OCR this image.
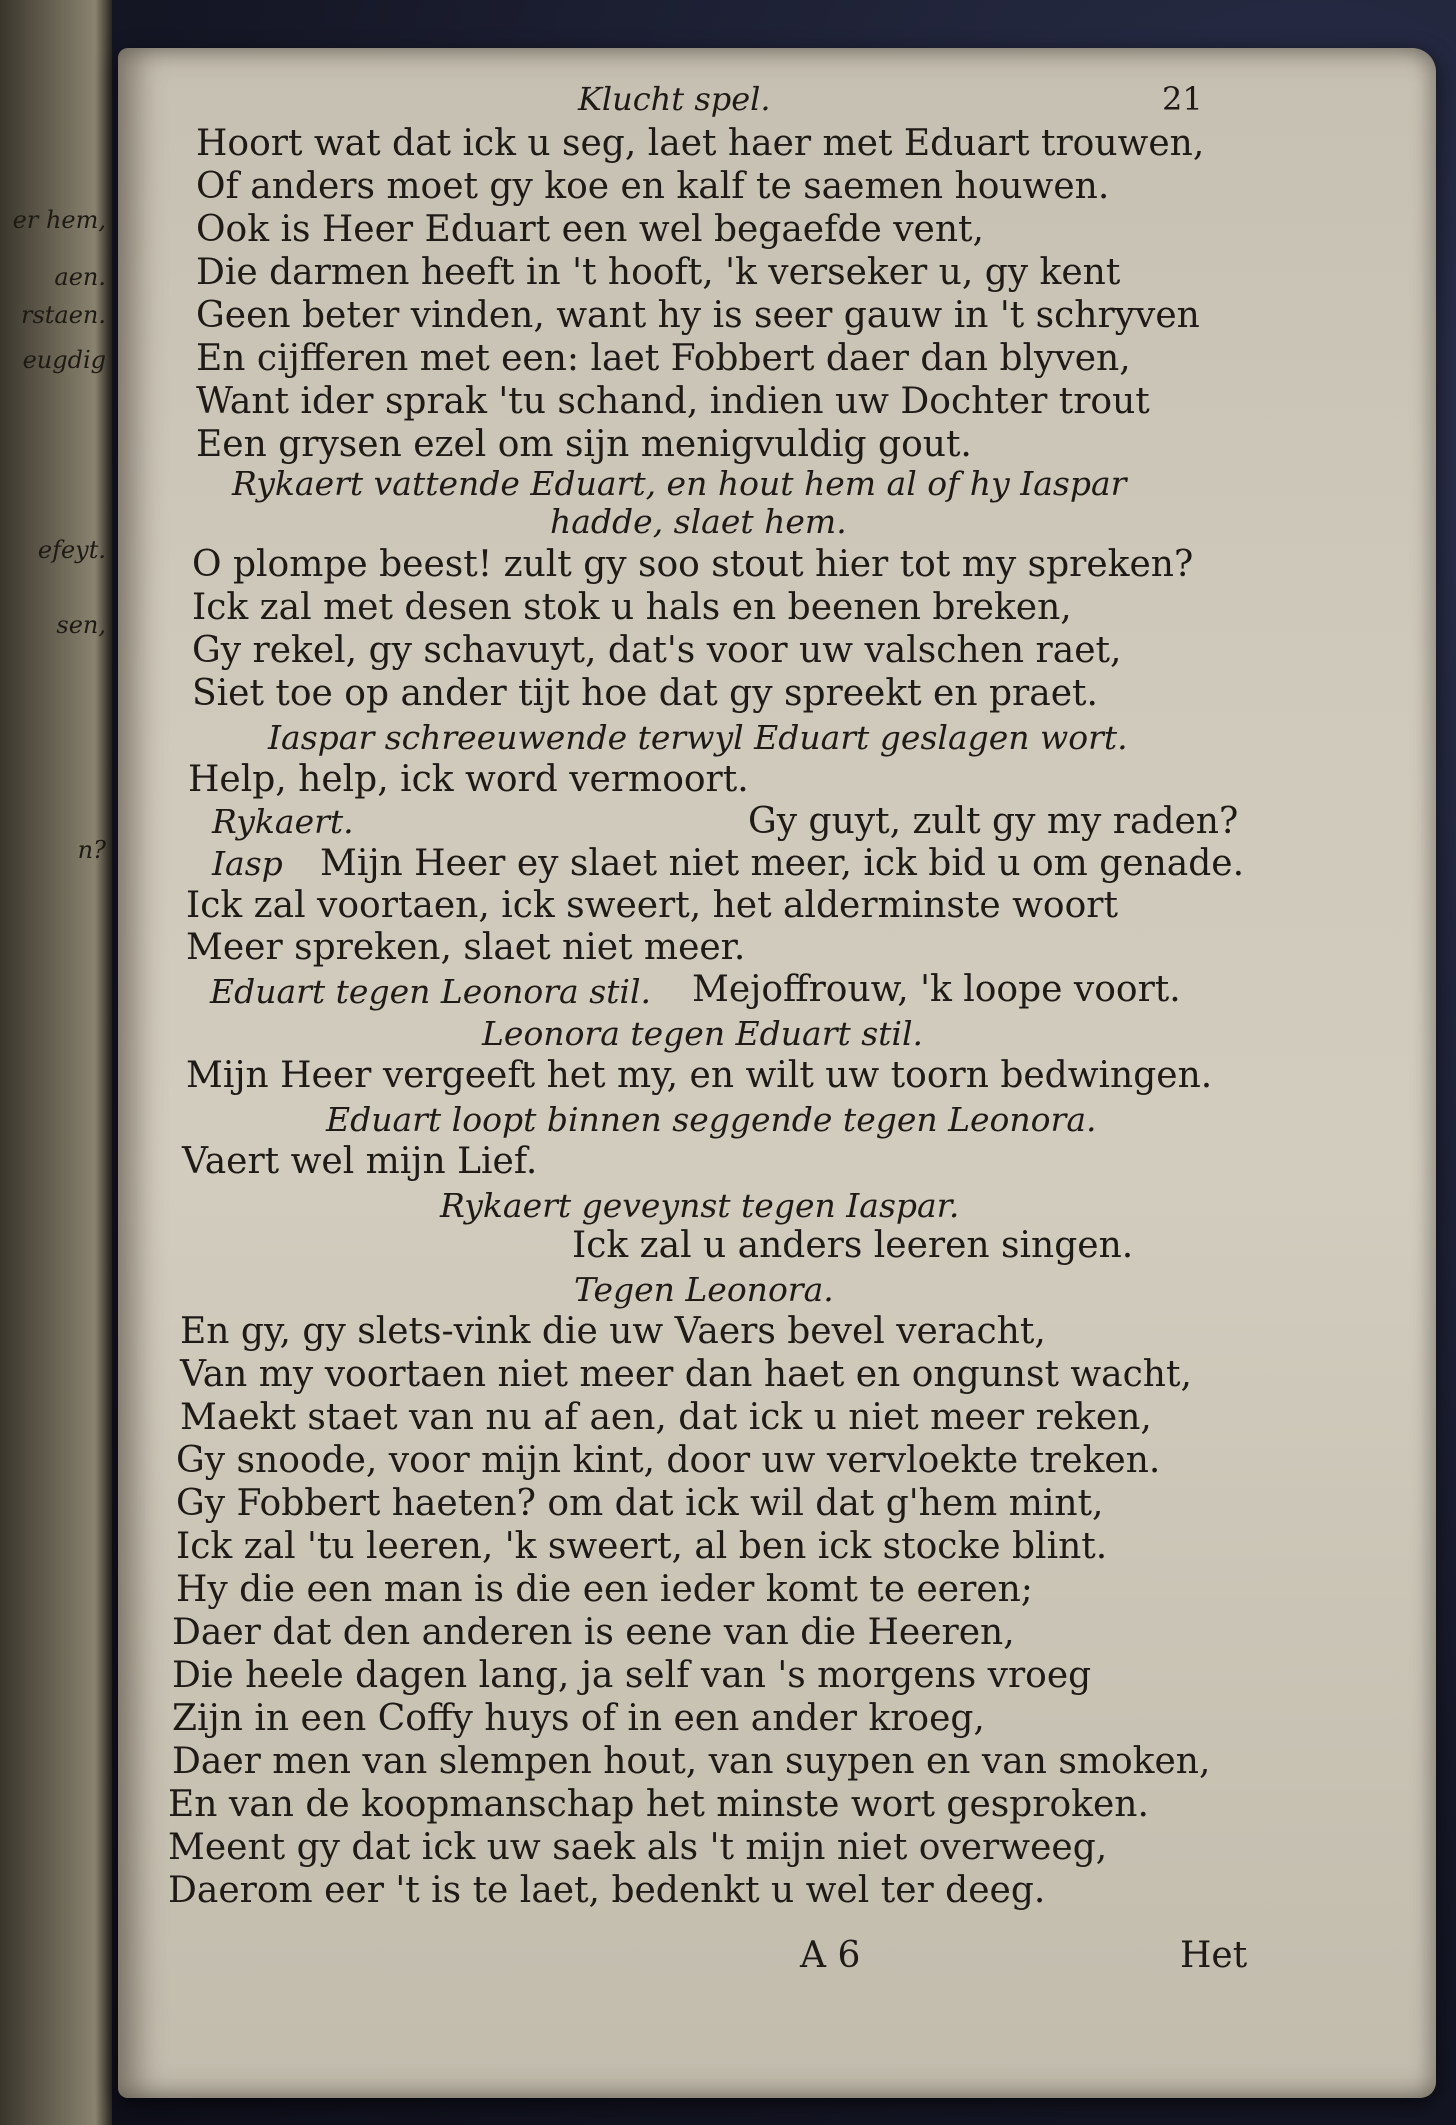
er hem,
aen.
rstaen.
eugdig
efeyt.
sen,
n?
Klucht spel.	21
Hoort wat dat ick u seg, laet haer met Eduart trouwen,
Of anders moet gy koe en kalf te saemen houwen.
Ook is Heer Eduart een wel begaefde vent,
Die darmen heeft in 't hooft, 'k verseker u, gy kent
Geen beter vinden, want hy is seer gauw in 't schryven
En cijfferen met een: laet Fobbert daer dan blyven,
Want ider sprak 'tu schand, indien uw Dochter trout
Een grysen ezel om sijn menigvuldig gout.
Rykaert vattende Eduart, en hout hem al of hy Iaspar
hadde, slaet hem.
O plompe beest! zult gy soo stout hier tot my spreken?
Ick zal met desen stok u hals en beenen breken,
Gy rekel, gy schavuyt, dat's voor uw valschen raet,
Siet toe op ander tijt hoe dat gy spreekt en praet.
Iaspar schreeuwende terwyl Eduart geslagen wort.
Help, help, ick word vermoort.
Rykaert.	Gy guyt, zult gy my raden?
Iasp Mijn Heer ey slaet niet meer, ick bid u om genade.
Ick zal voortaen, ick sweert, het alderminste woort
Meer spreken, slaet niet meer.
Eduart tegen Leonora stil. Mejoffrouw, 'k loope voort.
Leonora tegen Eduart stil.
Mijn Heer vergeeft het my, en wilt uw toorn bedwingen.
Eduart loopt binnen seggende tegen Leonora.
Vaert wel mijn Lief.
Rykaert geveynst tegen Iaspar.
Ick zal u anders leeren singen.
Tegen Leonora.
En gy, gy slets-vink die uw Vaers bevel veracht,
Van my voortaen niet meer dan haet en ongunst wacht,
Maekt staet van nu af aen, dat ick u niet meer reken,
Gy snoode, voor mijn kint, door uw vervloekte treken.
Gy Fobbert haeten? om dat ick wil dat g'hem mint,
Ick zal 'tu leeren, 'k sweert, al ben ick stocke blint.
Hy die een man is die een ieder komt te eeren;
Daer dat den anderen is eene van die Heeren,
Die heele dagen lang, ja self van 's morgens vroeg
Zijn in een Coffy huys of in een ander kroeg,
Daer men van slempen hout, van suypen en van smoken,
En van de koopmanschap het minste wort gesproken.
Meent gy dat ick uw saek als 't mijn niet overweeg,
Daerom eer 't is te laet, bedenkt u wel ter deeg.
A 6	Het
